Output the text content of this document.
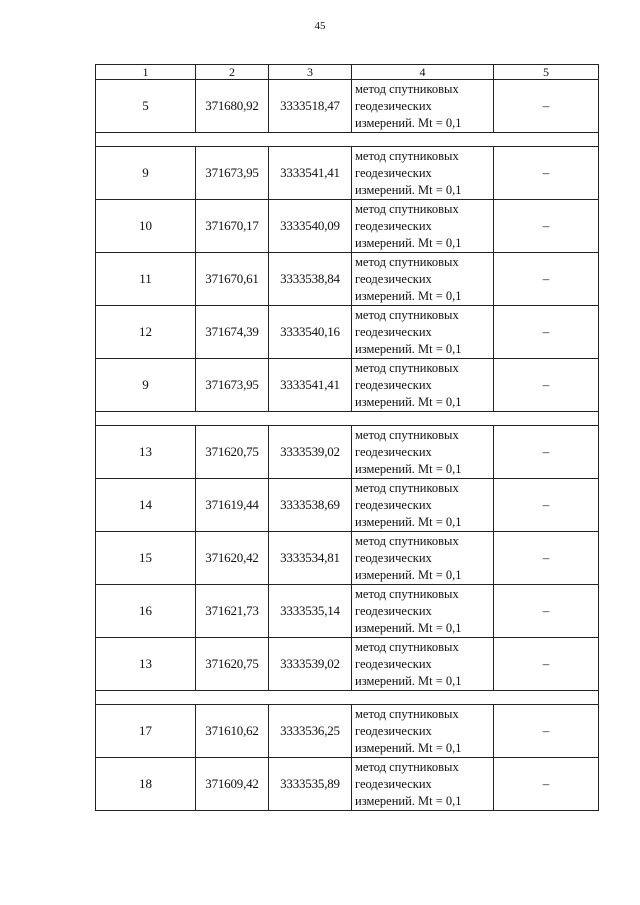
45
1	2	3	4	5
5	371680,92	3333518,47	метод спутниковых
геодезических
измерений. Mt = 0,1	–

9	371673,95	3333541,41	метод спутниковых
геодезических
измерений. Mt = 0,1	–
10	371670,17	3333540,09	метод спутниковых
геодезических
измерений. Mt = 0,1	–
11	371670,61	3333538,84	метод спутниковых
геодезических
измерений. Mt = 0,1	–
12	371674,39	3333540,16	метод спутниковых
геодезических
измерений. Mt = 0,1	–
9	371673,95	3333541,41	метод спутниковых
геодезических
измерений. Mt = 0,1	–

13	371620,75	3333539,02	метод спутниковых
геодезических
измерений. Mt = 0,1	–
14	371619,44	3333538,69	метод спутниковых
геодезических
измерений. Mt = 0,1	–
15	371620,42	3333534,81	метод спутниковых
геодезических
измерений. Mt = 0,1	–
16	371621,73	3333535,14	метод спутниковых
геодезических
измерений. Mt = 0,1	–
13	371620,75	3333539,02	метод спутниковых
геодезических
измерений. Mt = 0,1	–

17	371610,62	3333536,25	метод спутниковых
геодезических
измерений. Mt = 0,1	–
18	371609,42	3333535,89	метод спутниковых
геодезических
измерений. Mt = 0,1	–
